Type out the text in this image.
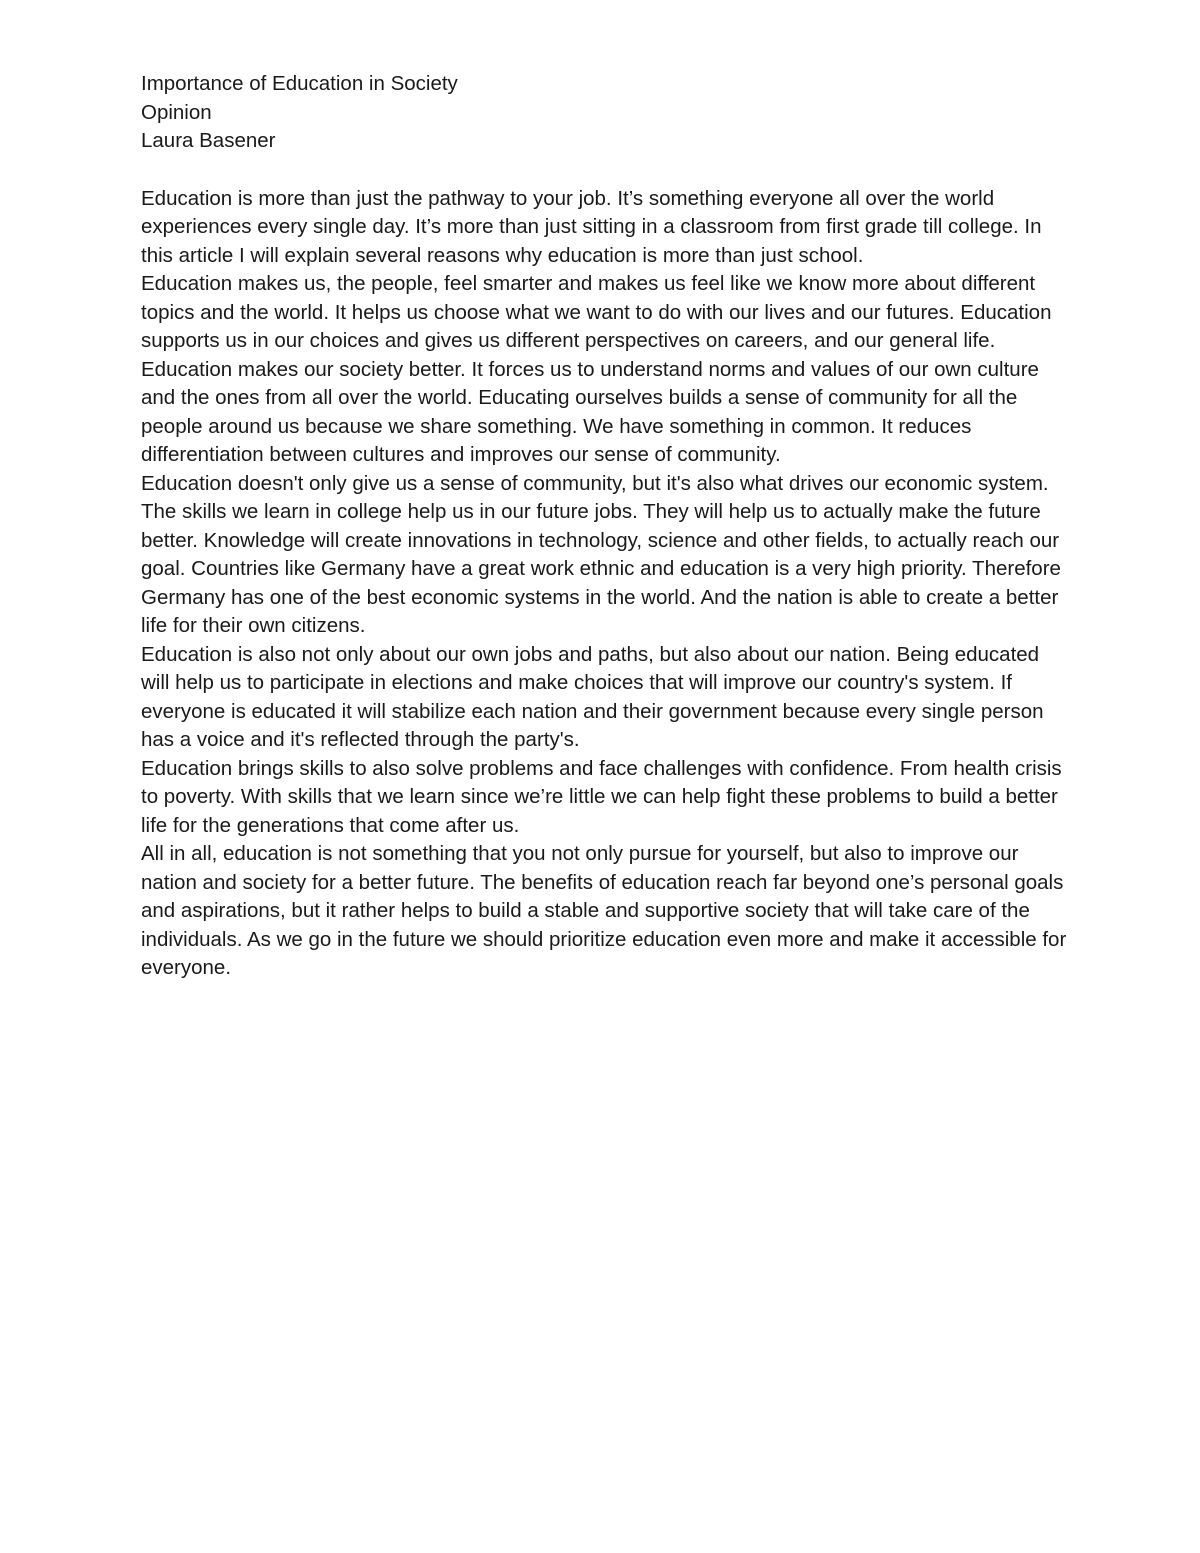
Importance of Education in Society
Opinion
Laura Basener

Education is more than just the pathway to your job. It’s something everyone all over the world experiences every single day. It’s more than just sitting in a classroom from first grade till college. In this article I will explain several reasons why education is more than just school.

Education makes us, the people, feel smarter and makes us feel like we know more about different topics and the world. It helps us choose what we want to do with our lives and our futures. Education supports us in our choices and gives us different perspectives on careers, and our general life.

Education makes our society better. It forces us to understand norms and values of our own culture and the ones from all over the world. Educating ourselves builds a sense of community for all the people around us because we share something. We have something in common. It reduces differentiation between cultures and improves our sense of community.

Education doesn't only give us a sense of community, but it's also what drives our economic system. The skills we learn in college help us in our future jobs. They will help us to actually make the future better. Knowledge will create innovations in technology, science and other fields, to actually reach our goal. Countries like Germany have a great work ethnic and education is a very high priority. Therefore Germany has one of the best economic systems in the world. And the nation is able to create a better life for their own citizens.

Education is also not only about our own jobs and paths, but also about our nation. Being educated will help us to participate in elections and make choices that will improve our country's system. If everyone is educated it will stabilize each nation and their government because every single person has a voice and it's reflected through the party's.

Education brings skills to also solve problems and face challenges with confidence. From health crisis to poverty. With skills that we learn since we’re little we can help fight these problems to build a better life for the generations that come after us.

All in all, education is not something that you not only pursue for yourself, but also to improve our nation and society for a better future. The benefits of education reach far beyond one’s personal goals and aspirations, but it rather helps to build a stable and supportive society that will take care of the individuals. As we go in the future we should prioritize education even more and make it accessible for everyone.
